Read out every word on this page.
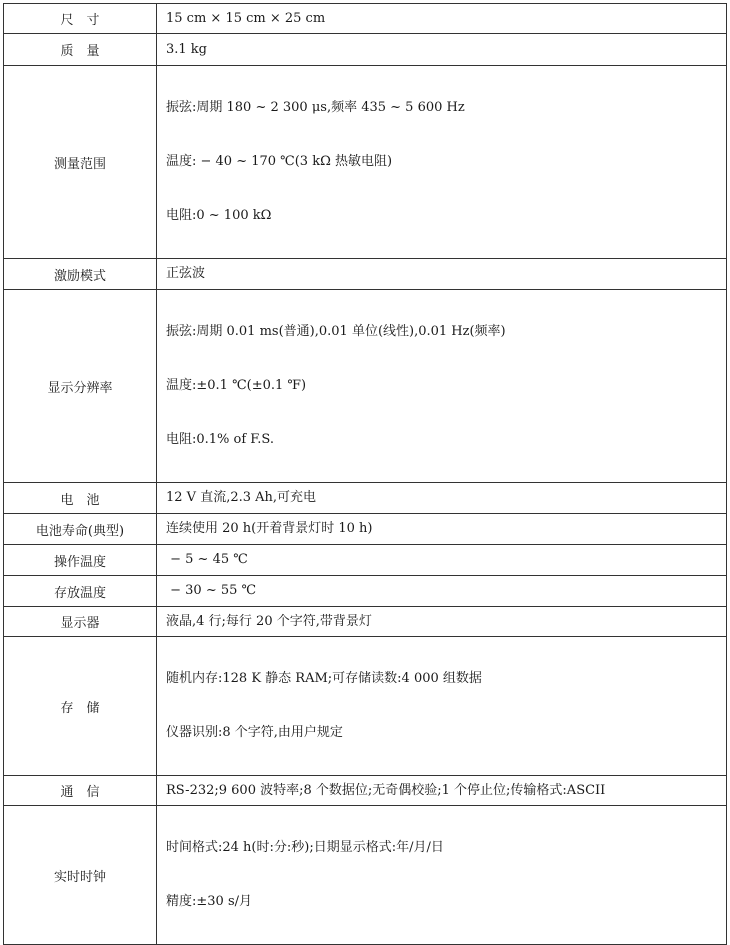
尺　寸	15 cm × 15 cm × 25 cm

质　量	3.1 kg

测量范围	振弦:周期 180 ~ 2 300 μs,频率 435 ~ 5 600 Hz

温度: − 40 ~ 170 ℃(3 kΩ 热敏电阻)

电阻:0 ~ 100 kΩ

激励模式	正弦波

显示分辨率	振弦:周期 0.01 ms(普通),0.01 单位(线性),0.01 Hz(频率)

温度:±0.1 ℃(±0.1 ℉)

电阻:0.1% of F.S.

电　池	12 V 直流,2.3 Ah,可充电

电池寿命(典型)	连续使用 20 h(开着背景灯时 10 h)

操作温度	− 5 ~ 45 ℃

存放温度	− 30 ~ 55 ℃

显示器	液晶,4 行;每行 20 个字符,带背景灯

存　储	随机内存:128 K 静态 RAM;可存储读数:4 000 组数据

仪器识别:8 个字符,由用户规定

通　信	RS-232;9 600 波特率;8 个数据位;无奇偶校验;1 个停止位;传输格式:ASCII

实时时钟	时间格式:24 h(时:分:秒);日期显示格式:年/月/日

精度:±30 s/月
